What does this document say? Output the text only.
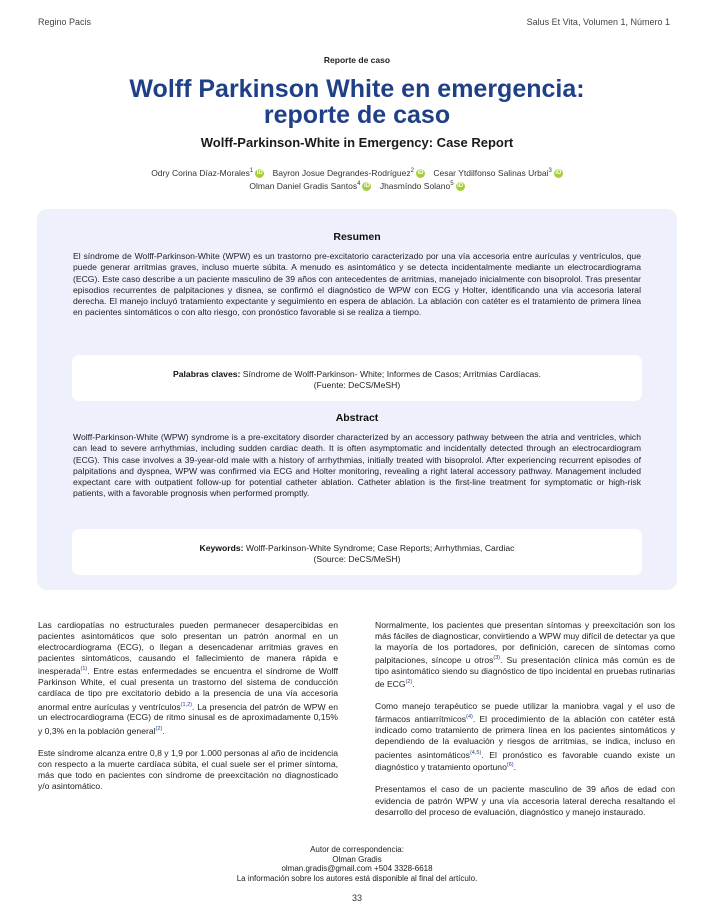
Regino Pacis	Salus Et Vita, Volumen 1, Número 1
Reporte de caso
Wolff Parkinson White en emergencia:
reporte de caso
Wolff-Parkinson-White in Emergency: Case Report
Odry Corina Díaz-Morales$^1$ iD Bayron Josue Degrandes-Rodríguez$^2$ iD Cesar Ytdilfonso Salinas Urbai$^3$ iD
Olman Daniel Gradis Santos$^4$ iD Jhasmíndo Solano$^5$ iD
Resumen
El síndrome de Wolff-Parkinson-White (WPW) es un trastorno pre-excitatorio caracterizado por una vía accesoria entre aurículas y ventrículos, que puede generar arritmias graves, incluso muerte súbita. A menudo es asintomático y se detecta incidentalmente mediante un electrocardiograma (ECG). Este caso describe a un paciente masculino de 39 años con antecedentes de arritmias, manejado inicialmente con bisoprolol. Tras presentar episodios recurrentes de palpitaciones y disnea, se confirmó el diagnóstico de WPW con ECG y Holter, identificando una vía accesoria lateral derecha. El manejo incluyó tratamiento expectante y seguimiento en espera de ablación. La ablación con catéter es el tratamiento de primera línea en pacientes sintomáticos o con alto riesgo, con pronóstico favorable si se realiza a tiempo.
Palabras claves: Síndrome de Wolff-Parkinson- White; Informes de Casos; Arritmias Cardíacas.
(Fuente: DeCS/MeSH)
Abstract
Wolff-Parkinson-White (WPW) syndrome is a pre-excitatory disorder characterized by an accessory pathway between the atria and ventricles, which can lead to severe arrhythmias, including sudden cardiac death. It is often asymptomatic and incidentally detected through an electrocardiogram (ECG). This case involves a 39-year-old male with a history of arrhythmias, initially treated with bisoprolol. After experiencing recurrent episodes of palpitations and dyspnea, WPW was confirmed via ECG and Holter monitoring, revealing a right lateral accessory pathway. Management included expectant care with outpatient follow-up for potential catheter ablation. Catheter ablation is the first-line treatment for symptomatic or high-risk patients, with a favorable prognosis when performed promptly.
Keywords: Wolff-Parkinson-White Syndrome; Case Reports; Arrhythmias, Cardiac
(Source: DeCS/MeSH)

Las cardiopatías no estructurales pueden permanecer desapercibidas en pacientes asintomáticos que solo presentan un patrón anormal en un electrocardiograma (ECG), o llegan a desencadenar arritmias graves en pacientes sintomáticos, causando el fallecimiento de manera rápida e inesperada$^{(1)}$. Entre estas enfermedades se encuentra el síndrome de Wolff Parkinson White, el cual presenta un trastorno del sistema de conducción cardíaca de tipo pre excitatorio debido a la presencia de una vía accesoria anormal entre aurículas y ventrículos$^{(1,2)}$. La presencia del patrón de WPW en un electrocardiograma (ECG) de ritmo sinusal es de aproximadamente 0,15% y 0,3% en la población general$^{(2)}$.

Este síndrome alcanza entre 0,8 y 1,9 por 1.000 personas al año de incidencia con respecto a la muerte cardíaca súbita, el cual suele ser el primer síntoma, más que todo en pacientes con síndrome de preexcitación no diagnosticado y/o asintomático.

Normalmente, los pacientes que presentan síntomas y preexcitación son los más fáciles de diagnosticar, convirtiendo a WPW muy difícil de detectar ya que la mayoría de los portadores, por definición, carecen de síntomas como palpitaciones, síncope u otros$^{(3)}$. Su presentación clínica más común es de tipo asintomático siendo su diagnóstico de tipo incidental en pruebas rutinarias de ECG$^{(2)}$.

Como manejo terapéutico se puede utilizar la maniobra vagal y el uso de fármacos antiarrítmicos$^{(4)}$. El procedimiento de la ablación con catéter está indicado como tratamiento de primera línea en los pacientes sintomáticos y dependiendo de la evaluación y riesgos de arritmias, se indica, incluso en pacientes asintomáticos$^{(4,5)}$. El pronóstico es favorable cuando existe un diagnóstico y tratamiento oportuno$^{(6)}$.

Presentamos el caso de un paciente masculino de 39 años de edad con evidencia de patrón WPW y una vía accesoria lateral derecha resaltando el desarrollo del proceso de evaluación, diagnóstico y manejo instaurado.

Autor de correspondencia:
Olman Gradis
olman.gradis@gmail.com +504 3328-6618
La información sobre los autores está disponible al final del artículo.
33
